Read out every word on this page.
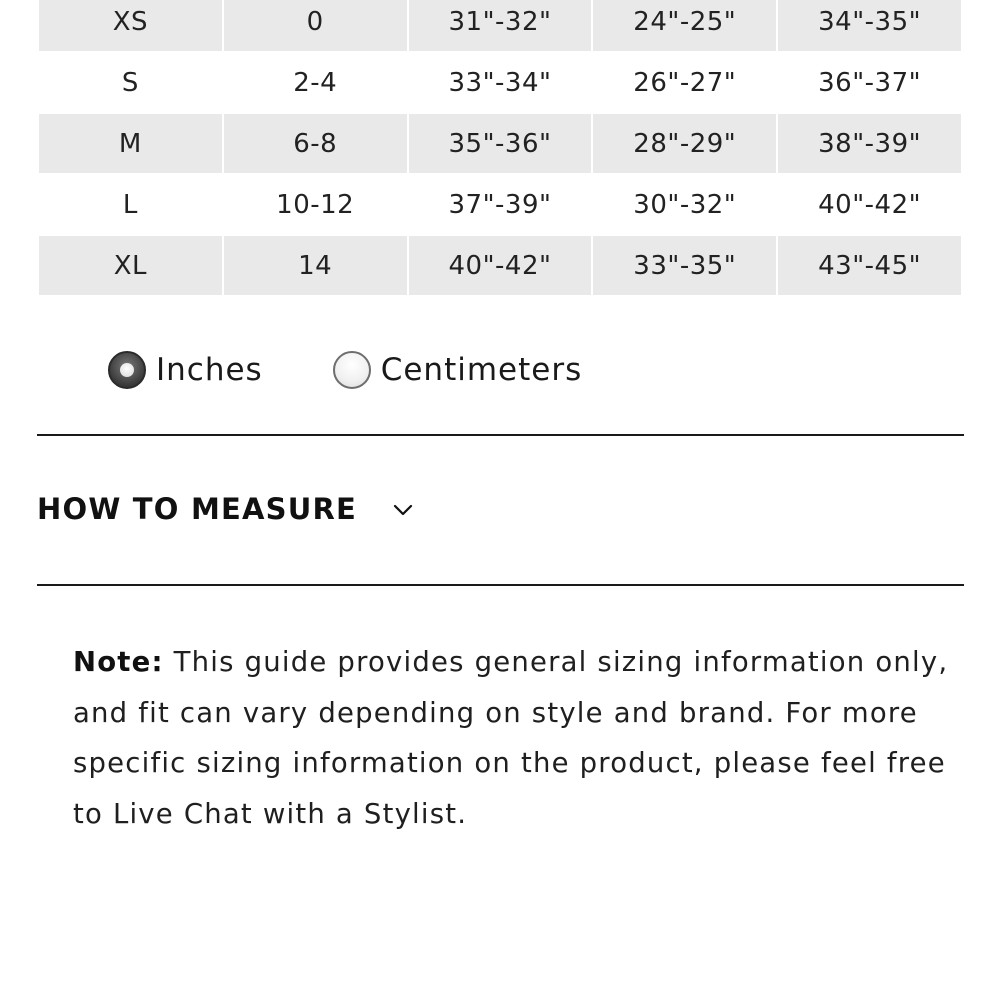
XS	0	31"-32"	24"-25"	34"-35"
S	2-4	33"-34"	26"-27"	36"-37"
M	6-8	35"-36"	28"-29"	38"-39"
L	10-12	37"-39"	30"-32"	40"-42"
XL	14	40"-42"	33"-35"	43"-45"
Inches	Centimeters
HOW TO MEASURE

Note: This guide provides general sizing information only, and fit can vary depending on style and brand. For more specific sizing information on the product, please feel free to Live Chat with a Stylist.
